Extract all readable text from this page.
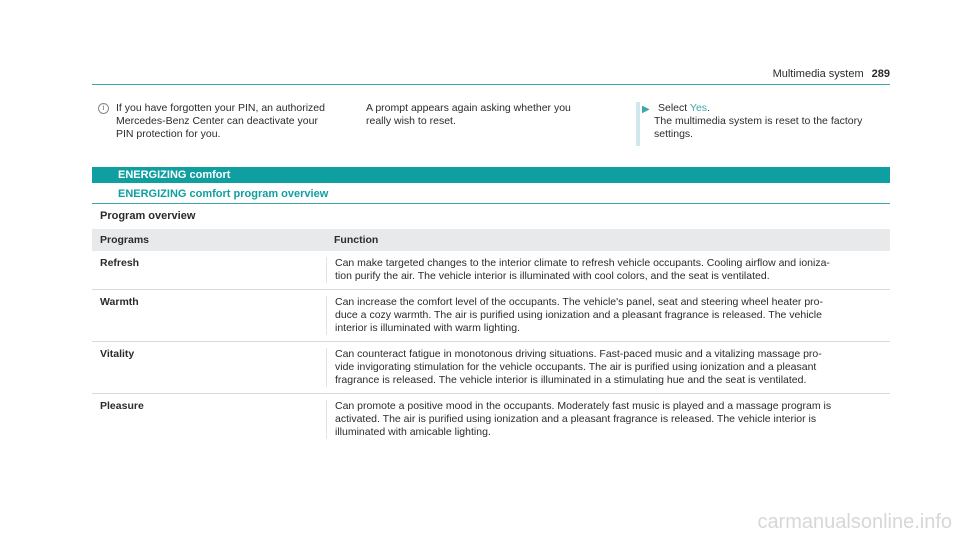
Multimedia system 289
i	If you have forgotten your PIN, an authorized
Mercedes-Benz Center can deactivate your
PIN protection for you.
A prompt appears again asking whether you
really wish to reset.
▶ Select Yes.
The multimedia system is reset to the factory
settings.
ENERGIZING comfort
ENERGIZING comfort program overview
Program overview
Programs	Function
Refresh	Can make targeted changes to the interior climate to refresh vehicle occupants. Cooling airflow and ioniza-
tion purify the air. The vehicle interior is illuminated with cool colors, and the seat is ventilated.
Warmth	Can increase the comfort level of the occupants. The vehicle's panel, seat and steering wheel heater pro-
duce a cozy warmth. The air is purified using ionization and a pleasant fragrance is released. The vehicle
interior is illuminated with warm lighting.
Vitality	Can counteract fatigue in monotonous driving situations. Fast-paced music and a vitalizing massage pro-
vide invigorating stimulation for the vehicle occupants. The air is purified using ionization and a pleasant
fragrance is released. The vehicle interior is illuminated in a stimulating hue and the seat is ventilated.
Pleasure	Can promote a positive mood in the occupants. Moderately fast music is played and a massage program is
activated. The air is purified using ionization and a pleasant fragrance is released. The vehicle interior is
illuminated with amicable lighting.
carmanualsonline.info
